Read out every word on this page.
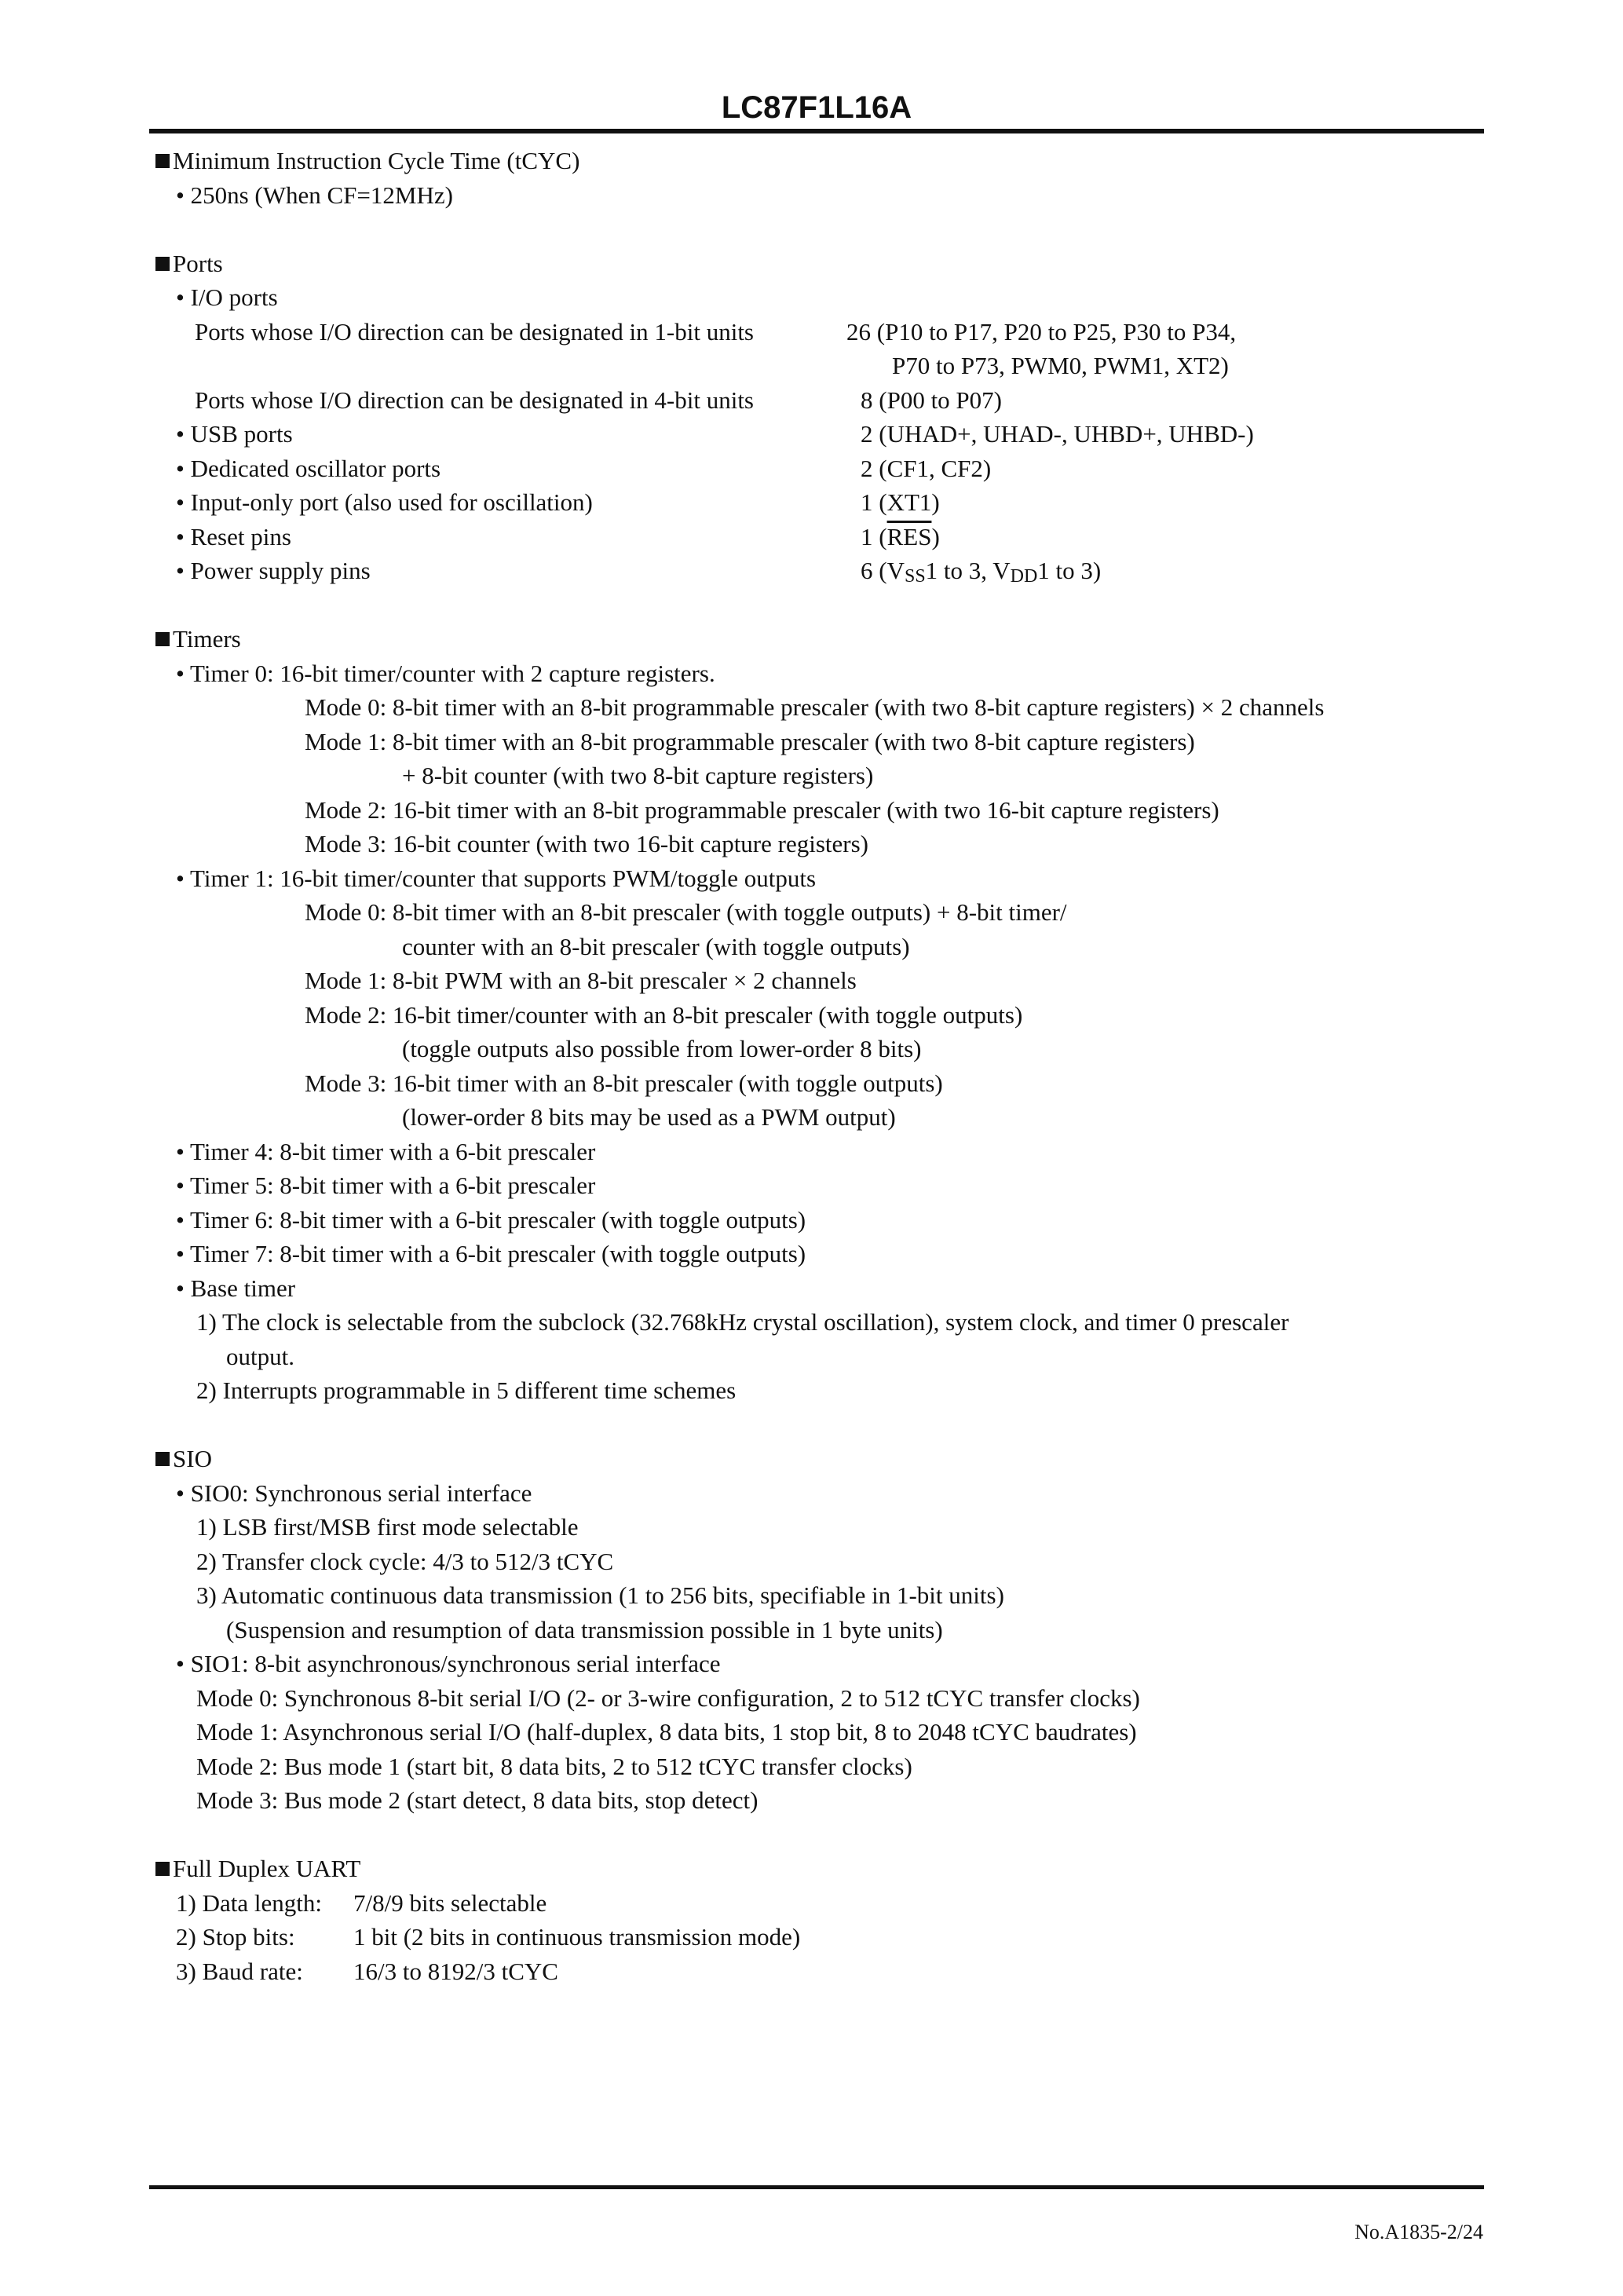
LC87F1L16A
Minimum Instruction Cycle Time (tCYC)
• 250ns (When CF=12MHz)
Ports
• I/O ports
Ports whose I/O direction can be designated in 1-bit units	26 (P10 to P17, P20 to P25, P30 to P34,
P70 to P73, PWM0, PWM1, XT2)
Ports whose I/O direction can be designated in 4-bit units	8 (P00 to P07)
• USB ports	2 (UHAD+, UHAD-, UHBD+, UHBD-)
• Dedicated oscillator ports	2 (CF1, CF2)
• Input-only port (also used for oscillation)	1 (XT1)
• Reset pins	1 $(\overline{RES})$
• Power supply pins	6 ($V_{SS}1$ to 3, $V_{DD}1$ to 3)
Timers
• Timer 0: 16-bit timer/counter with 2 capture registers.
Mode 0: 8-bit timer with an 8-bit programmable prescaler (with two 8-bit capture registers) × 2 channels
Mode 1: 8-bit timer with an 8-bit programmable prescaler (with two 8-bit capture registers)
+ 8-bit counter (with two 8-bit capture registers)
Mode 2: 16-bit timer with an 8-bit programmable prescaler (with two 16-bit capture registers)
Mode 3: 16-bit counter (with two 16-bit capture registers)
• Timer 1: 16-bit timer/counter that supports PWM/toggle outputs
Mode 0: 8-bit timer with an 8-bit prescaler (with toggle outputs) + 8-bit timer/
counter with an 8-bit prescaler (with toggle outputs)
Mode 1: 8-bit PWM with an 8-bit prescaler × 2 channels
Mode 2: 16-bit timer/counter with an 8-bit prescaler (with toggle outputs)
(toggle outputs also possible from lower-order 8 bits)
Mode 3: 16-bit timer with an 8-bit prescaler (with toggle outputs)
(lower-order 8 bits may be used as a PWM output)
• Timer 4: 8-bit timer with a 6-bit prescaler
• Timer 5: 8-bit timer with a 6-bit prescaler
• Timer 6: 8-bit timer with a 6-bit prescaler (with toggle outputs)
• Timer 7: 8-bit timer with a 6-bit prescaler (with toggle outputs)
• Base timer
1) The clock is selectable from the subclock (32.768kHz crystal oscillation), system clock, and timer 0 prescaler
output.
2) Interrupts programmable in 5 different time schemes
SIO
• SIO0: Synchronous serial interface
1) LSB first/MSB first mode selectable
2) Transfer clock cycle: 4/3 to 512/3 tCYC
3) Automatic continuous data transmission (1 to 256 bits, specifiable in 1-bit units)
(Suspension and resumption of data transmission possible in 1 byte units)
• SIO1: 8-bit asynchronous/synchronous serial interface
Mode 0: Synchronous 8-bit serial I/O (2- or 3-wire configuration, 2 to 512 tCYC transfer clocks)
Mode 1: Asynchronous serial I/O (half-duplex, 8 data bits, 1 stop bit, 8 to 2048 tCYC baudrates)
Mode 2: Bus mode 1 (start bit, 8 data bits, 2 to 512 tCYC transfer clocks)
Mode 3: Bus mode 2 (start detect, 8 data bits, stop detect)
Full Duplex UART
1) Data length: 7/8/9 bits selectable
2) Stop bits: 1 bit (2 bits in continuous transmission mode)
3) Baud rate: 16/3 to 8192/3 tCYC
No.A1835-2/24
